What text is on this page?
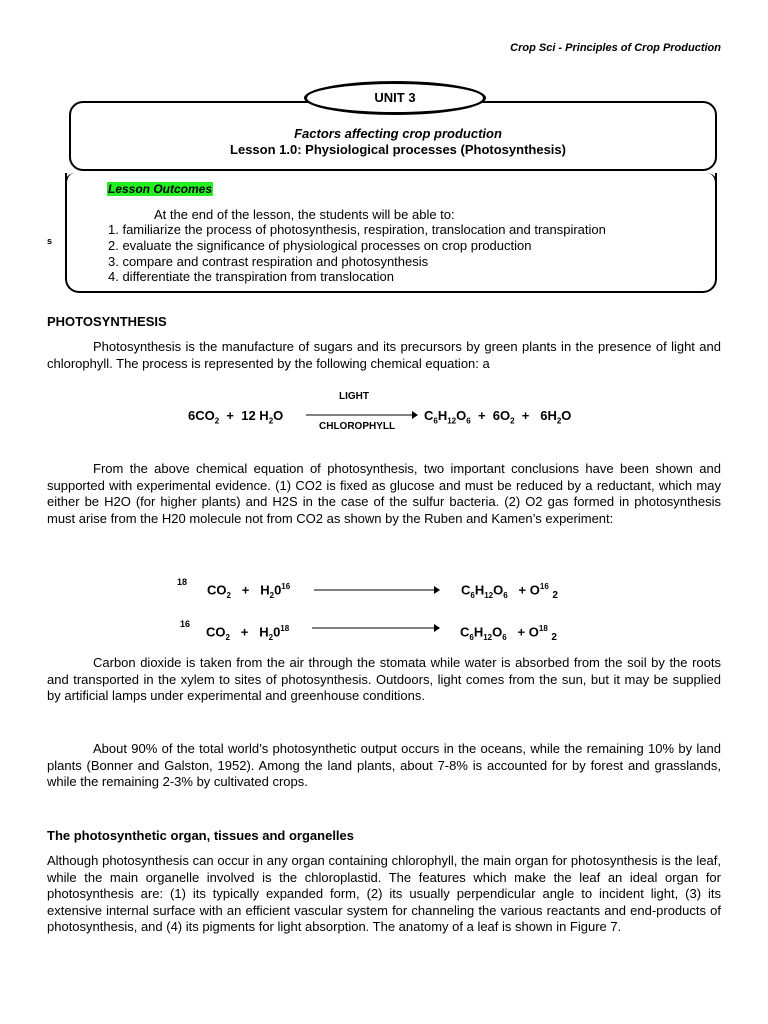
Crop Sci - Principles of Crop Production
UNIT 3
Factors affecting crop production
Lesson 1.0: Physiological processes (Photosynthesis)
Lesson Outcomes
At the end of the lesson, the students will be able to:
1. familiarize the process of photosynthesis, respiration, translocation and transpiration
2. evaluate the significance of physiological processes on crop production
3. compare and contrast respiration and photosynthesis
4. differentiate the transpiration from translocation
s
PHOTOSYNTHESIS
Photosynthesis is the manufacture of sugars and its precursors by green plants in the presence of light and chlorophyll. The process is represented by the following chemical equation: a
$6CO_2 + 12$ $H_2O$
LIGHT
CHLOROPHYLL
$C_6H_{12}O_6 + 6O_2 + 6H_2O$
From the above chemical equation of photosynthesis, two important conclusions have been shown and supported with experimental evidence. (1) CO2 is fixed as glucose and must be reduced by a reductant, which may either be H2O (for higher plants) and H2S in the case of the sulfur bacteria. (2) O2 gas formed in photosynthesis must arise from the H20 molecule not from CO2 as shown by the Ruben and Kamen’s experiment:
18
$CO_2 + H_20^{16}$	$C_6H_{12}O_6 + O^{16}$ $_2$
16
$CO_2 + H_20^{18}$	$C_6H_{12}O_6 + O^{18}$ $_2$
Carbon dioxide is taken from the air through the stomata while water is absorbed from the soil by the roots and transported in the xylem to sites of photosynthesis. Outdoors, light comes from the sun, but it may be supplied by artificial lamps under experimental and greenhouse conditions.
About 90% of the total world’s photosynthetic output occurs in the oceans, while the remaining 10% by land plants (Bonner and Galston, 1952). Among the land plants, about 7-8% is accounted for by forest and grasslands, while the remaining 2-3% by cultivated crops.
The photosynthetic organ, tissues and organelles
Although photosynthesis can occur in any organ containing chlorophyll, the main organ for photosynthesis is the leaf, while the main organelle involved is the chloroplastid. The features which make the leaf an ideal organ for photosynthesis are: (1) its typically expanded form, (2) its usually perpendicular angle to incident light, (3) its extensive internal surface with an efficient vascular system for channeling the various reactants and end-products of photosynthesis, and (4) its pigments for light absorption. The anatomy of a leaf is shown in Figure 7.
